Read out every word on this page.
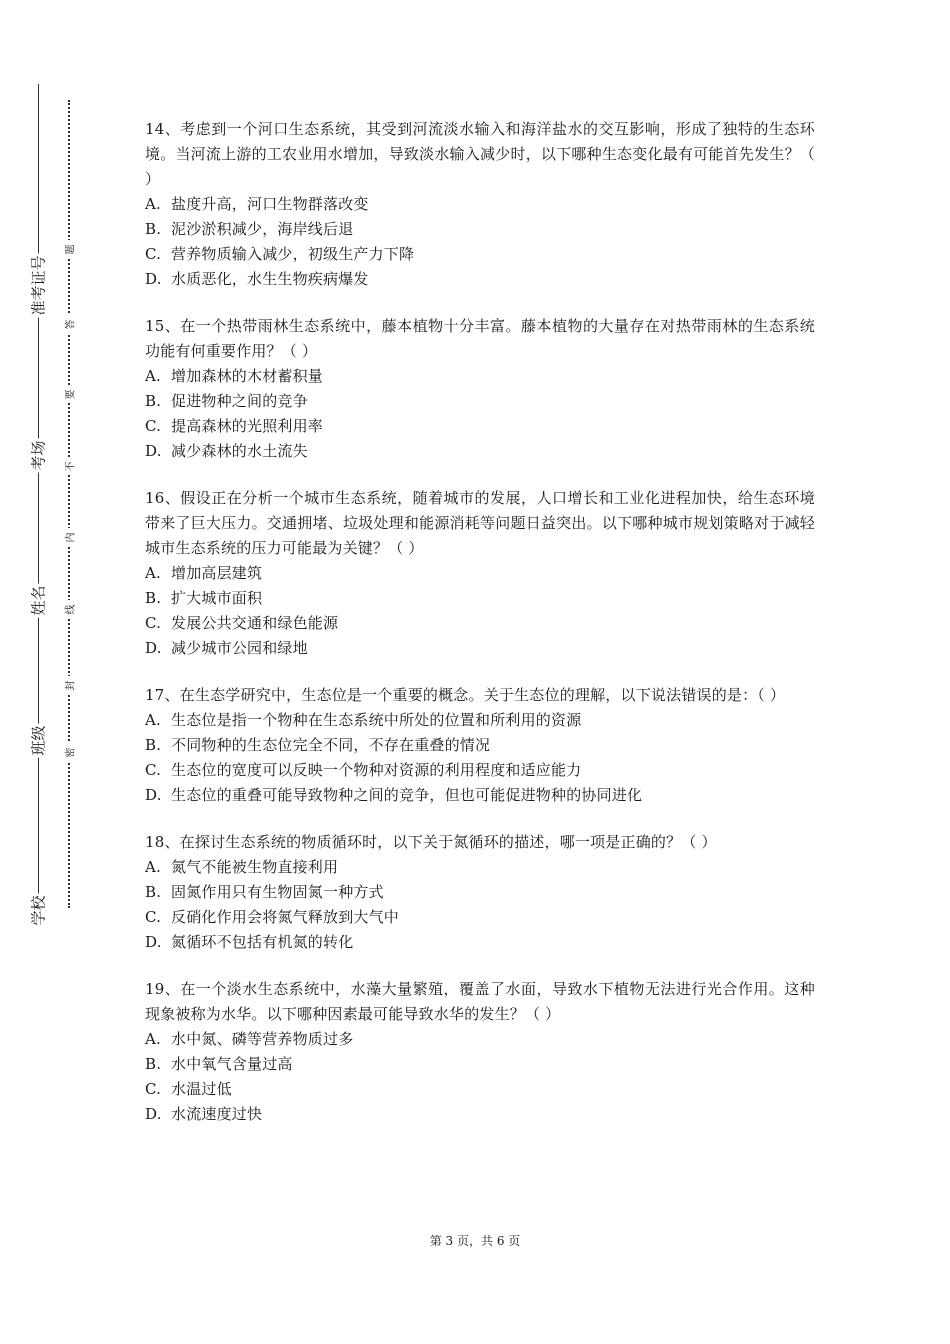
准考证号
考场
姓名
班级
学校
题
答
要
不
内
线
封
密
14、考虑到一个河口生态系统，其受到河流淡水输入和海洋盐水的交互影响，形成了独特的生态环境。当河流上游的工农业用水增加，导致淡水输入减少时，以下哪种生态变化最有可能首先发生？（ ）
A. 盐度升高，河口生物群落改变
B. 泥沙淤积减少，海岸线后退
C. 营养物质输入减少，初级生产力下降
D. 水质恶化，水生生物疾病爆发
15、在一个热带雨林生态系统中，藤本植物十分丰富。藤本植物的大量存在对热带雨林的生态系统功能有何重要作用？（ ）
A. 增加森林的木材蓄积量
B. 促进物种之间的竞争
C. 提高森林的光照利用率
D. 减少森林的水土流失
16、假设正在分析一个城市生态系统，随着城市的发展，人口增长和工业化进程加快，给生态环境带来了巨大压力。交通拥堵、垃圾处理和能源消耗等问题日益突出。以下哪种城市规划策略对于减轻城市生态系统的压力可能最为关键？（ ）
A. 增加高层建筑
B. 扩大城市面积
C. 发展公共交通和绿色能源
D. 减少城市公园和绿地
17、在生态学研究中，生态位是一个重要的概念。关于生态位的理解，以下说法错误的是：（ ）
A. 生态位是指一个物种在生态系统中所处的位置和所利用的资源
B. 不同物种的生态位完全不同，不存在重叠的情况
C. 生态位的宽度可以反映一个物种对资源的利用程度和适应能力
D. 生态位的重叠可能导致物种之间的竞争，但也可能促进物种的协同进化
18、在探讨生态系统的物质循环时，以下关于氮循环的描述，哪一项是正确的？（ ）
A. 氮气不能被生物直接利用
B. 固氮作用只有生物固氮一种方式
C. 反硝化作用会将氮气释放到大气中
D. 氮循环不包括有机氮的转化
19、在一个淡水生态系统中，水藻大量繁殖，覆盖了水面，导致水下植物无法进行光合作用。这种现象被称为水华。以下哪种因素最可能导致水华的发生？（ ）
A. 水中氮、磷等营养物质过多
B. 水中氧气含量过高
C. 水温过低
D. 水流速度过快
第 3 页，共 6 页
